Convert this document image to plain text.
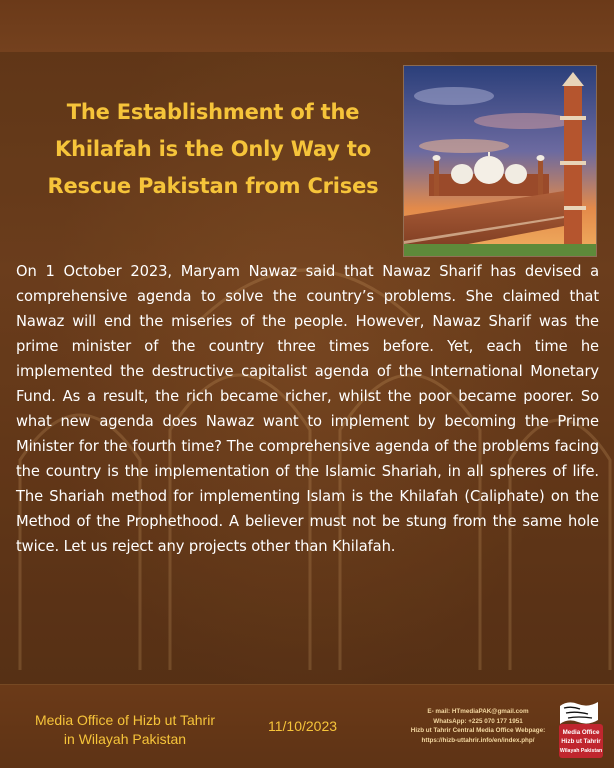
The Establishment of the
Khilafah is the Only Way to
Rescue Pakistan from Crises
On 1 October 2023, Maryam Nawaz said that Nawaz Sharif has devised a comprehensive agenda to solve the country’s problems. She claimed that Nawaz will end the miseries of the people. However, Nawaz Sharif was the prime minister of the country three times before. Yet, each time he implemented the destructive capitalist agenda of the International Monetary Fund. As a result, the rich became richer, whilst the poor became poorer. So what new agenda does Nawaz want to implement by becoming the Prime Minister for the fourth time? The comprehensive agenda of the problems facing the country is the implementation of the Islamic Shariah, in all spheres of life. The Shariah method for implementing Islam is the Khilafah (Caliphate) on the Method of the Prophethood. A believer must not be stung from the same hole twice. Let us reject any projects other than Khilafah.
Media Office of Hizb ut Tahrir
in Wilayah Pakistan
11/10/2023
E- mail: HTmediaPAK@gmail.com
WhatsApp: +225 070 177 1951
Hizb ut Tahrir Central Media Office Webpage:
https://hizb-uttahrir.info/en/index.php/
Media Office
Hizb ut Tahrir
Wilayah Pakistan
